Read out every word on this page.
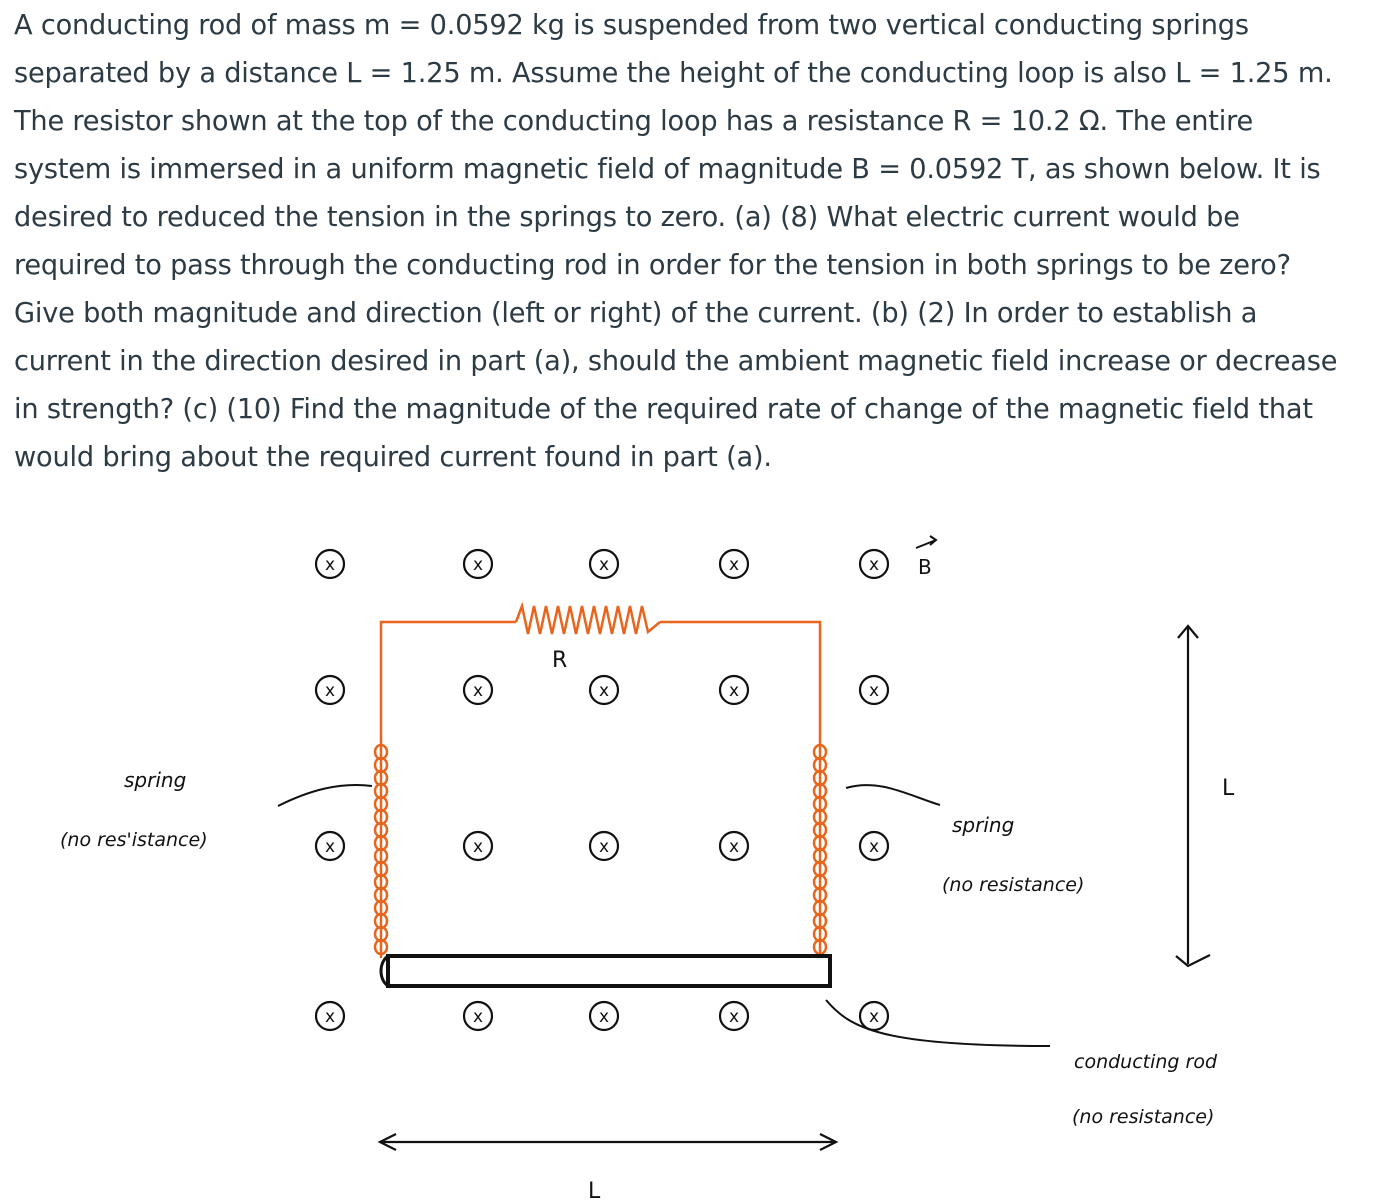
A conducting rod of mass m = 0.0592 kg is suspended from two vertical conducting springs
separated by a distance L = 1.25 m. Assume the height of the conducting loop is also L = 1.25 m.
The resistor shown at the top of the conducting loop has a resistance R = 10.2 Ω. The entire
system is immersed in a uniform magnetic field of magnitude B = 0.0592 T, as shown below. It is
desired to reduced the tension in the springs to zero. (a) (8) What electric current would be
required to pass through the conducting rod in order for the tension in both springs to be zero?
Give both magnitude and direction (left or right) of the current. (b) (2) In order to establish a
current in the direction desired in part (a), should the ambient magnetic field increase or decrease
in strength? (c) (10) Find the magnitude of the required rate of change of the magnetic field that
would bring about the required current found in part (a).
x	x	x	x	x
x	x	x	x	x
x	x	x	x	x
x	x	x	x	x
R
B
L
L
spring
(no res'istance)
spring
(no resistance)
conducting rod
(no resistance)
